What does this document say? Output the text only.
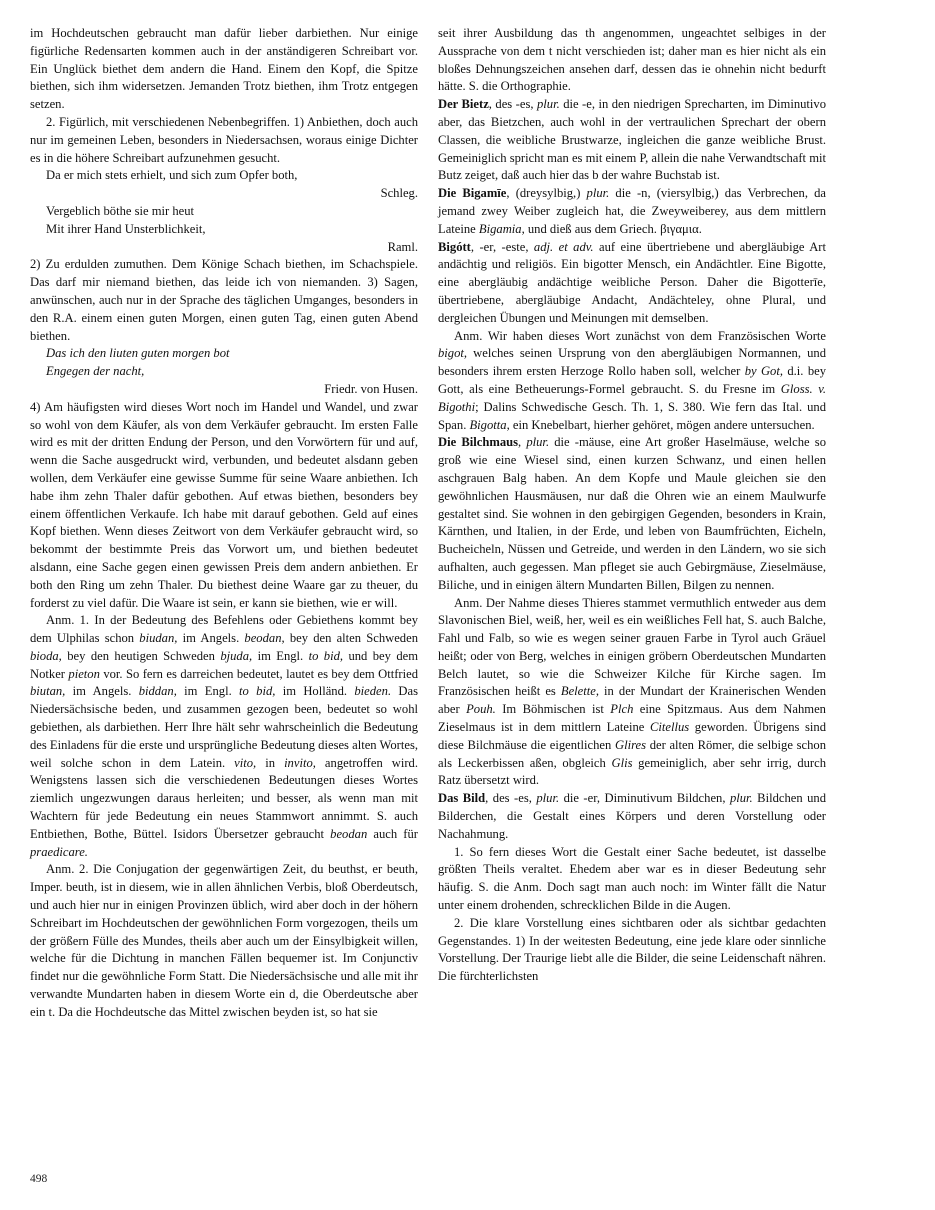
im Hochdeutschen gebraucht man dafür lieber darbiethen. Nur einige figürliche Redensarten kommen auch in der anständigeren Schreibart vor. Ein Unglück biethet dem andern die Hand. Einem den Kopf, die Spitze biethen, sich ihm widersetzen. Jemanden Trotz biethen, ihm Trotz entgegen setzen.

2. Figürlich, mit verschiedenen Nebenbegriffen. 1) Anbiethen, doch auch nur im gemeinen Leben, besonders in Niedersachsen, woraus einige Dichter es in die höhere Schreibart aufzunehmen gesucht.

Da er mich stets erhielt, und sich zum Opfer both,

Schleg.

Vergeblich böthe sie mir heut

Mit ihrer Hand Unsterblichkeit,

Raml.

2) Zu erdulden zumuthen. Dem Könige Schach biethen, im Schachspiele. Das darf mir niemand biethen, das leide ich von niemanden. 3) Sagen, anwünschen, auch nur in der Sprache des täglichen Umganges, besonders in den R.A. einem einen guten Morgen, einen guten Tag, einen guten Abend biethen.

Das ich den liuten guten morgen bot

Engegen der nacht,

Friedr. von Husen.

4) Am häufigsten wird dieses Wort noch im Handel und Wandel, und zwar so wohl von dem Käufer, als von dem Verkäufer gebraucht. Im ersten Falle wird es mit der dritten Endung der Person, und den Vorwörtern für und auf, wenn die Sache ausgedruckt wird, verbunden, und bedeutet alsdann geben wollen, dem Verkäufer eine gewisse Summe für seine Waare anbiethen. Ich habe ihm zehn Thaler dafür gebothen. Auf etwas biethen, besonders bey einem öffentlichen Verkaufe. Ich habe mit darauf gebothen. Geld auf eines Kopf biethen. Wenn dieses Zeitwort von dem Verkäufer gebraucht wird, so bekommt der bestimmte Preis das Vorwort um, und biethen bedeutet alsdann, eine Sache gegen einen gewissen Preis dem andern anbiethen. Er both den Ring um zehn Thaler. Du biethest deine Waare gar zu theuer, du forderst zu viel dafür. Die Waare ist sein, er kann sie biethen, wie er will.

Anm. 1. In der Bedeutung des Befehlens oder Gebiethens kommt bey dem Ulphilas schon biudan, im Angels. beodan, bey den alten Schweden bioda, bey den heutigen Schweden bjuda, im Engl. to bid, und bey dem Notker pieton vor. So fern es darreichen bedeutet, lautet es bey dem Ottfried biutan, im Angels. biddan, im Engl. to bid, im Holländ. bieden. Das Niedersächsische beden, und zusammen gezogen been, bedeutet so wohl gebiethen, als darbiethen. Herr Ihre hält sehr wahrscheinlich die Bedeutung des Einladens für die erste und ursprüngliche Bedeutung dieses alten Wortes, weil solche schon in dem Latein. vito, in invito, angetroffen wird. Wenigstens lassen sich die verschiedenen Bedeutungen dieses Wortes ziemlich ungezwungen daraus herleiten; und besser, als wenn man mit Wachtern für jede Bedeutung ein neues Stammwort annimmt. S. auch Entbiethen, Bothe, Büttel. Isidors Übersetzer gebraucht beodan auch für praedicare.

Anm. 2. Die Conjugation der gegenwärtigen Zeit, du beuthst, er beuth, Imper. beuth, ist in diesem, wie in allen ähnlichen Verbis, bloß Oberdeutsch, und auch hier nur in einigen Provinzen üblich, wird aber doch in der höhern Schreibart im Hochdeutschen der gewöhnlichen Form vorgezogen, theils um der größern Fülle des Mundes, theils aber auch um der Einsylbigkeit willen, welche für die Dichtung in manchen Fällen bequemer ist. Im Conjunctiv findet nur die gewöhnliche Form Statt. Die Niedersächsische und alle mit ihr verwandte Mundarten haben in diesem Worte ein d, die Oberdeutsche aber ein t. Da die Hochdeutsche das Mittel zwischen beyden ist, so hat sie

seit ihrer Ausbildung das th angenommen, ungeachtet selbiges in der Aussprache von dem t nicht verschieden ist; daher man es hier nicht als ein bloßes Dehnungszeichen ansehen darf, dessen das ie ohnehin nicht bedurft hätte. S. die Orthographie.

Der Bietz, des -es, plur. die -e, in den niedrigen Sprecharten, im Diminutivo aber, das Bietzchen, auch wohl in der vertraulichen Sprechart der obern Classen, die weibliche Brustwarze, ingleichen die ganze weibliche Brust. Gemeiniglich spricht man es mit einem P, allein die nahe Verwandtschaft mit Butz zeiget, daß auch hier das b der wahre Buchstab ist.

Die Bigamīe, (dreysylbig,) plur. die -n, (viersylbig,) das Verbrechen, da jemand zwey Weiber zugleich hat, die Zweyweiberey, aus dem mittlern Lateine Bigamia, und dieß aus dem Griech. βιγαμια.

Bigótt, -er, -este, adj. et adv. auf eine übertriebene und abergläubige Art andächtig und religiös. Ein bigotter Mensch, ein Andächtler. Eine Bigotte, eine abergläubig andächtige weibliche Person. Daher die Bigotterīe, übertriebene, abergläubige Andacht, Andächteley, ohne Plural, und dergleichen Übungen und Meinungen mit demselben.

Anm. Wir haben dieses Wort zunächst von dem Französischen Worte bigot, welches seinen Ursprung von den abergläubigen Normannen, und besonders ihrem ersten Herzoge Rollo haben soll, welcher by Got, d.i. bey Gott, als eine Betheuerungs-Formel gebraucht. S. du Fresne im Gloss. v. Bigothi; Dalins Schwedische Gesch. Th. 1, S. 380. Wie fern das Ital. und Span. Bigotta, ein Knebelbart, hierher gehöret, mögen andere untersuchen.

Die Bilchmaus, plur. die -mäuse, eine Art großer Haselmäuse, welche so groß wie eine Wiesel sind, einen kurzen Schwanz, und einen hellen aschgrauen Balg haben. An dem Kopfe und Maule gleichen sie den gewöhnlichen Hausmäusen, nur daß die Ohren wie an einem Maulwurfe gestaltet sind. Sie wohnen in den gebirgigen Gegenden, besonders in Krain, Kärnthen, und Italien, in der Erde, und leben von Baumfrüchten, Eicheln, Bucheicheln, Nüssen und Getreide, und werden in den Ländern, wo sie sich aufhalten, auch gegessen. Man pfleget sie auch Gebirgmäuse, Zieselmäuse, Biliche, und in einigen ältern Mundarten Billen, Bilgen zu nennen.

Anm. Der Nahme dieses Thieres stammet vermuthlich entweder aus dem Slavonischen Biel, weiß, her, weil es ein weißliches Fell hat, S. auch Balche, Fahl und Falb, so wie es wegen seiner grauen Farbe in Tyrol auch Gräuel heißt; oder von Berg, welches in einigen gröbern Oberdeutschen Mundarten Belch lautet, so wie die Schweizer Kilche für Kirche sagen. Im Französischen heißt es Belette, in der Mundart der Krainerischen Wenden aber Pouh. Im Böhmischen ist Plch eine Spitzmaus. Aus dem Nahmen Zieselmaus ist in dem mittlern Lateine Citellus geworden. Übrigens sind diese Bilchmäuse die eigentlichen Glires der alten Römer, die selbige schon als Leckerbissen aßen, obgleich Glis gemeiniglich, aber sehr irrig, durch Ratz übersetzt wird.

Das Bild, des -es, plur. die -er, Diminutivum Bildchen, plur. Bildchen und Bilderchen, die Gestalt eines Körpers und deren Vorstellung oder Nachahmung.

1. So fern dieses Wort die Gestalt einer Sache bedeutet, ist dasselbe größten Theils veraltet. Ehedem aber war es in dieser Bedeutung sehr häufig. S. die Anm. Doch sagt man auch noch: im Winter fällt die Natur unter einem drohenden, schrecklichen Bilde in die Augen.

2. Die klare Vorstellung eines sichtbaren oder als sichtbar gedachten Gegenstandes. 1) In der weitesten Bedeutung, eine jede klare oder sinnliche Vorstellung. Der Traurige liebt alle die Bilder, die seine Leidenschaft nähren. Die fürchterlichsten

498
